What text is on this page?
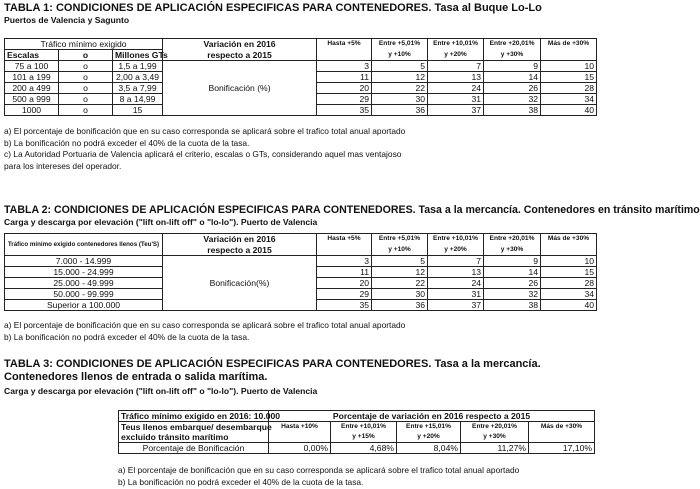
TABLA 1: CONDICIONES DE APLICACIÓN ESPECIFICAS PARA CONTENEDORES. Tasa al Buque Lo-Lo
Puertos de Valencia y Sagunto
Tráfico mínimo exigido			Variación en 2016	Hasta +5%	Entre +5,01%	Entre +10,01%	Entre +20,01%	Más de +30%
Escalas	o	Millones GTs	respecto a 2015		y +10%	y +20%	y +30%	
75 a 100	o	1,5 a 1,99		3	5	7	9	10
101 a 199	o	2,00 a 3,49		11	12	13	14	15
200 a 499	o	3,5 a 7,99	Bonificación (%)	20	22	24	26	28
500 a 999	o	8 a 14,99		29	30	31	32	34
1000	o	15		35	36	37	38	40
a) El porcentaje de bonificación que en su caso corresponda se aplicará sobre el trafico total anual aportado
b) La bonificación no podrá exceder el 40% de la cuota de la tasa.
c) La Autoridad Portuaria de Valencia aplicará el criterio, escalas o GTs, considerando aquel mas ventajoso
para los intereses del operador.
TABLA 2: CONDICIONES DE APLICACIÓN ESPECIFICAS PARA CONTENEDORES. Tasa a la mercancía. Contenedores en tránsito marítimo
Carga y descarga por elevación ("lift on-lift off" o "lo-lo"). Puerto de Valencia
Tráfico mínimo exigido contenedores llenos (Teu'S)	Variación en 2016	Hasta +5%	Entre +5,01%	Entre +10,01%	Entre +20,01%	Más de +30%
	respecto a 2015		y +10%	y +20%	y +30%	
7.000 - 14.999		3	5	7	9	10
15.000 - 24.999		11	12	13	14	15
25.000 - 49.999	Bonificación(%)	20	22	24	26	28
50.000 - 99.999		29	30	31	32	34
Superior a 100.000		35	36	37	38	40
a) El porcentaje de bonificación que en su caso corresponda se aplicará sobre el trafico total anual aportado
b) La bonificación no podrá exceder el 40% de la cuota de la tasa.
TABLA 3: CONDICIONES DE APLICACIÓN ESPECIFICAS PARA CONTENEDORES. Tasa a la mercancía. Contenedores llenos de entrada o salida marítima.
Carga y descarga por elevación ("lift on-lift off" o "lo-lo"). Puerto de Valencia
Tráfico mínimo exigido en 2016: 10.000	Porcentaje de variación en 2016 respecto a 2015				
Teus llenos embarque/ desembarque	Hasta +10%	Entre +10,01%	Entre +15,01%	Entre +20,01%	Más de +30%
excluido tránsito marítimo		y +15%	y +20%	y +30%	
Porcentaje de Bonificación	0,00%	4,68%	8,04%	11,27%	17,10%
a) El porcentaje de bonificación que en su caso corresponda se aplicará sobre el trafico total anual aportado
b) La bonificación no podrá exceder el 40% de la cuota de la tasa.
